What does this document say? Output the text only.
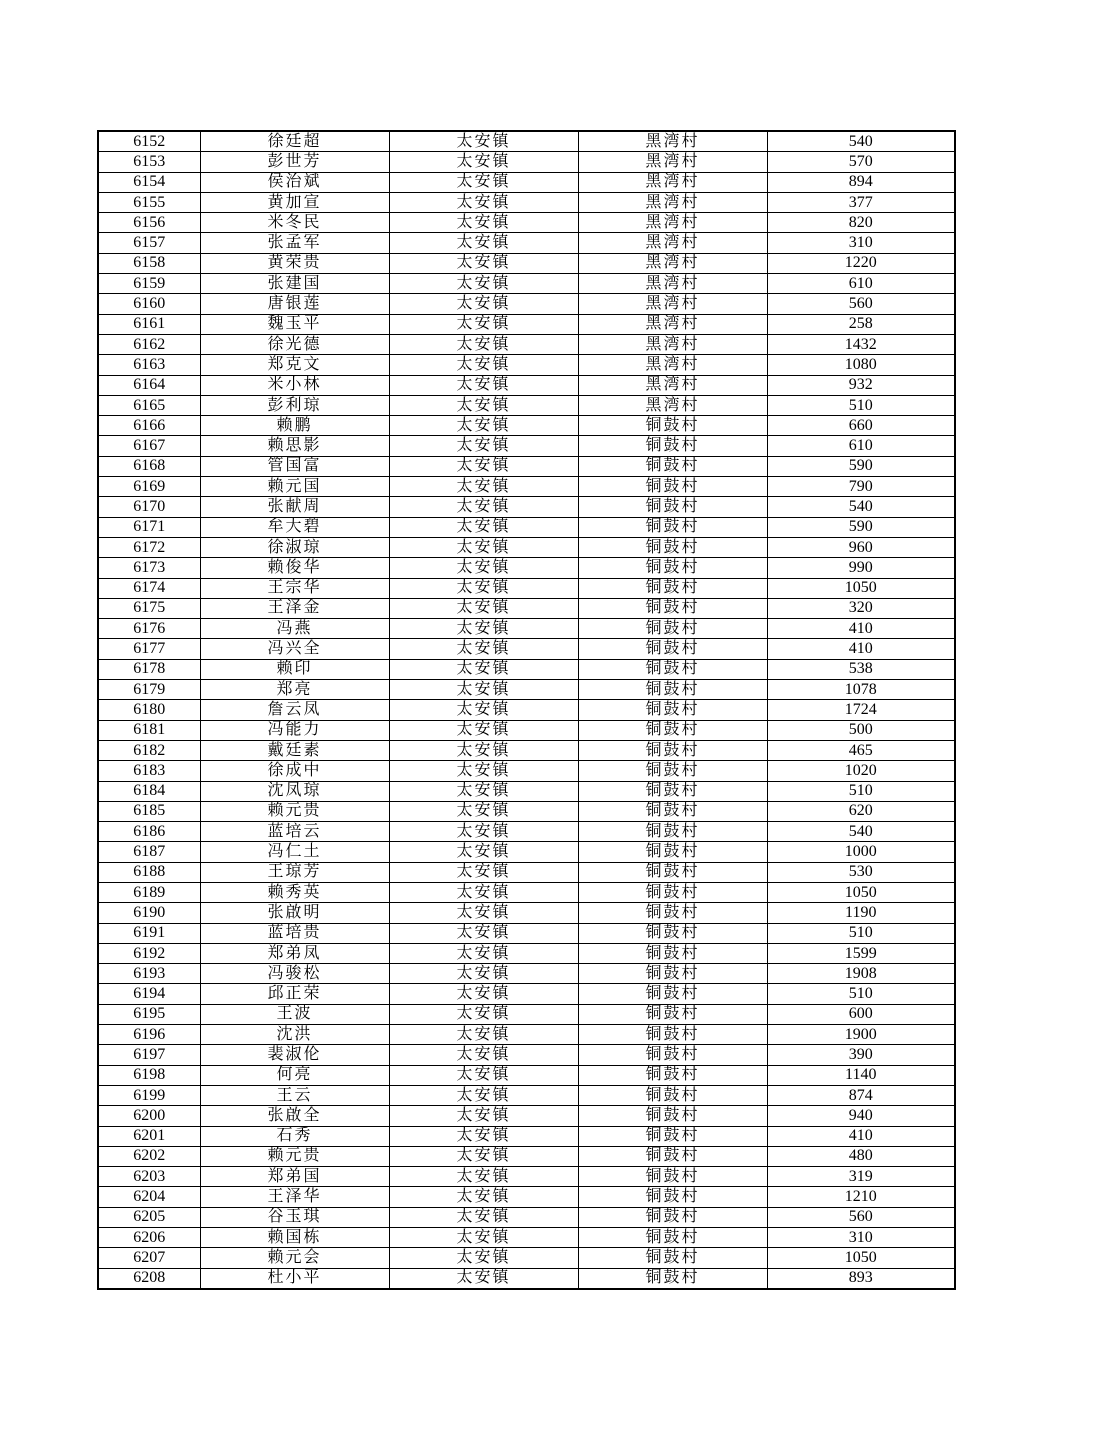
6152	徐廷超	太安镇	黑湾村	540
6153	彭世芳	太安镇	黑湾村	570
6154	侯治斌	太安镇	黑湾村	894
6155	黄加宣	太安镇	黑湾村	377
6156	米冬民	太安镇	黑湾村	820
6157	张孟军	太安镇	黑湾村	310
6158	黄荣贵	太安镇	黑湾村	1220
6159	张建国	太安镇	黑湾村	610
6160	唐银莲	太安镇	黑湾村	560
6161	魏玉平	太安镇	黑湾村	258
6162	徐光德	太安镇	黑湾村	1432
6163	郑克文	太安镇	黑湾村	1080
6164	米小林	太安镇	黑湾村	932
6165	彭利琼	太安镇	黑湾村	510
6166	赖鹏	太安镇	铜鼓村	660
6167	赖思影	太安镇	铜鼓村	610
6168	管国富	太安镇	铜鼓村	590
6169	赖元国	太安镇	铜鼓村	790
6170	张献周	太安镇	铜鼓村	540
6171	牟大碧	太安镇	铜鼓村	590
6172	徐淑琼	太安镇	铜鼓村	960
6173	赖俊华	太安镇	铜鼓村	990
6174	王宗华	太安镇	铜鼓村	1050
6175	王泽金	太安镇	铜鼓村	320
6176	冯燕	太安镇	铜鼓村	410
6177	冯兴全	太安镇	铜鼓村	410
6178	赖印	太安镇	铜鼓村	538
6179	郑亮	太安镇	铜鼓村	1078
6180	詹云凤	太安镇	铜鼓村	1724
6181	冯能力	太安镇	铜鼓村	500
6182	戴廷素	太安镇	铜鼓村	465
6183	徐成中	太安镇	铜鼓村	1020
6184	沈凤琼	太安镇	铜鼓村	510
6185	赖元贵	太安镇	铜鼓村	620
6186	蓝培云	太安镇	铜鼓村	540
6187	冯仁土	太安镇	铜鼓村	1000
6188	王琼芳	太安镇	铜鼓村	530
6189	赖秀英	太安镇	铜鼓村	1050
6190	张啟明	太安镇	铜鼓村	1190
6191	蓝培贵	太安镇	铜鼓村	510
6192	郑弟凤	太安镇	铜鼓村	1599
6193	冯骏松	太安镇	铜鼓村	1908
6194	邱正荣	太安镇	铜鼓村	510
6195	王波	太安镇	铜鼓村	600
6196	沈洪	太安镇	铜鼓村	1900
6197	裴淑伦	太安镇	铜鼓村	390
6198	何亮	太安镇	铜鼓村	1140
6199	王云	太安镇	铜鼓村	874
6200	张啟全	太安镇	铜鼓村	940
6201	石秀	太安镇	铜鼓村	410
6202	赖元贵	太安镇	铜鼓村	480
6203	郑弟国	太安镇	铜鼓村	319
6204	王泽华	太安镇	铜鼓村	1210
6205	谷玉琪	太安镇	铜鼓村	560
6206	赖国栋	太安镇	铜鼓村	310
6207	赖元会	太安镇	铜鼓村	1050
6208	杜小平	太安镇	铜鼓村	893
